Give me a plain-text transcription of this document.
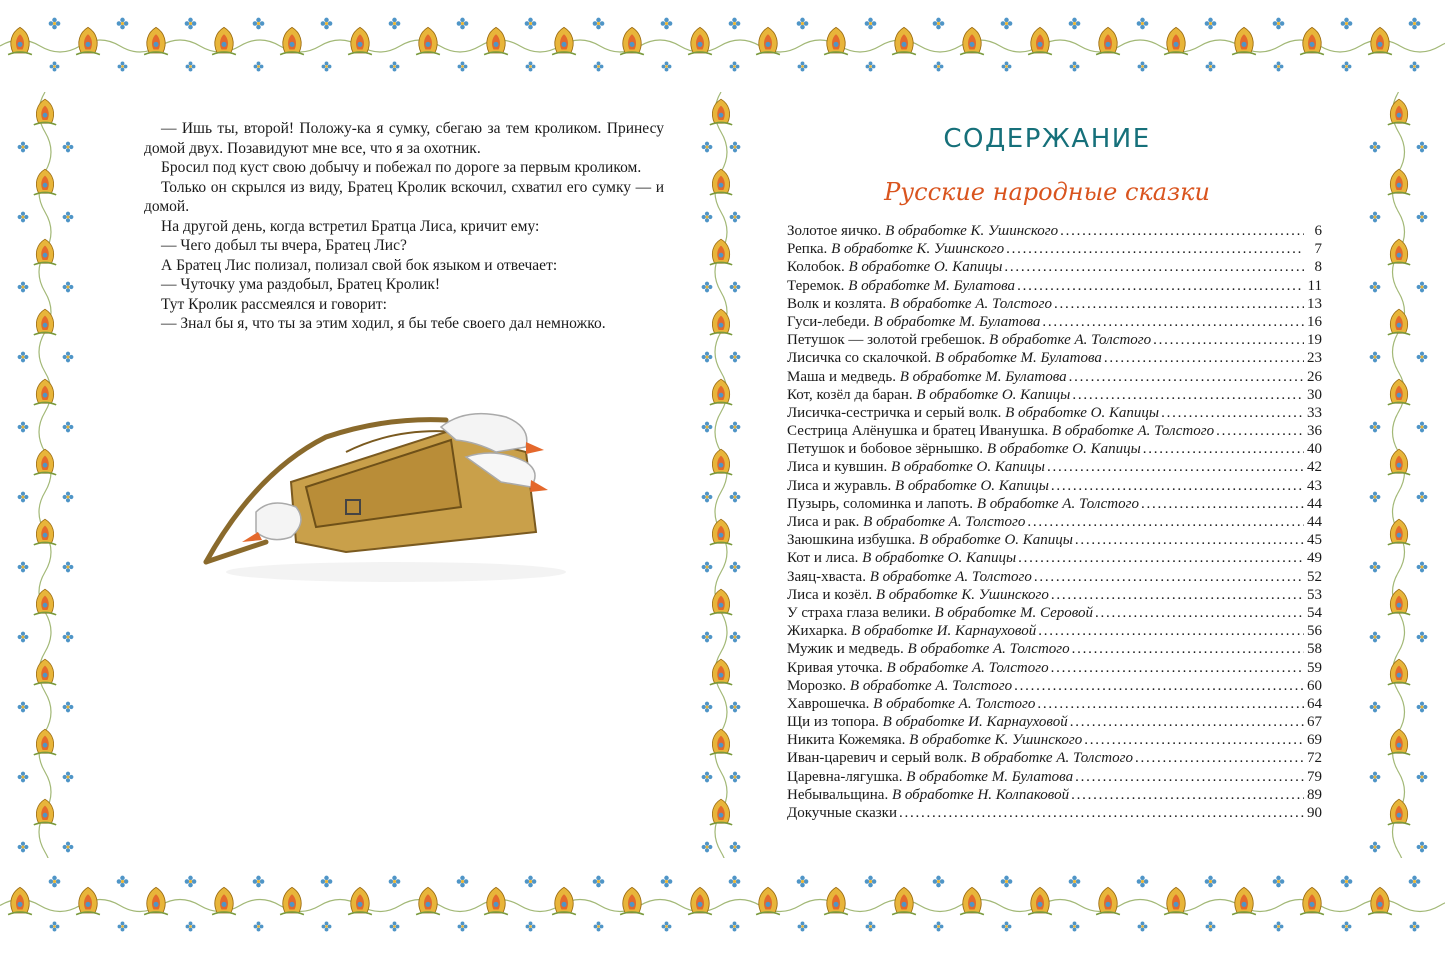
— Ишь ты, второй! Положу-ка я сумку, сбегаю за тем кроликом. Принесу домой двух. Позавидуют мне все, что я за охотник.

Бросил под куст свою добычу и побежал по дороге за первым кроликом.

Только он скрылся из виду, Братец Кролик вскочил, схватил его сумку — и домой.

На другой день, когда встретил Братца Лиса, кричит ему:

— Чего добыл ты вчера, Братец Лис?

А Братец Лис полизал, полизал свой бок языком и отвечает:

— Чуточку ума раздобыл, Братец Кролик!

Тут Кролик рассмеялся и говорит:

— Знал бы я, что ты за этим ходил, я бы тебе своего дал немножко.

СОДЕРЖАНИЕ
Русские народные сказки
Золотое яичко. В обработке К. Ушинского . . .	6
Репка. В обработке К. Ушинского . . .	7
Колобок. В обработке О. Капицы . . .	8
Теремок. В обработке М. Булатова . . .	11
Волк и козлята. В обработке А. Толстого . . .	13
Гуси-лебеди. В обработке М. Булатова . . .	16
Петушок — золотой гребешок. В обработке А. Толстого . . .	19
Лисичка со скалочкой. В обработке М. Булатова . . .	23
Маша и медведь. В обработке М. Булатова . . .	26
Кот, козёл да баран. В обработке О. Капицы . . .	30
Лисичка-сестричка и серый волк. В обработке О. Капицы . . .	33
Сестрица Алёнушка и братец Иванушка. В обработке А. Толстого . . .	36
Петушок и бобовое зёрнышко. В обработке О. Капицы . . .	40
Лиса и кувшин. В обработке О. Капицы . . .	42
Лиса и журавль. В обработке О. Капицы . . .	43
Пузырь, соломинка и лапоть. В обработке А. Толстого . . .	44
Лиса и рак. В обработке А. Толстого . . .	44
Заюшкина избушка. В обработке О. Капицы . . .	45
Кот и лиса. В обработке О. Капицы . . .	49
Заяц-хваста. В обработке А. Толстого . . .	52
Лиса и козёл. В обработке К. Ушинского . . .	53
У страха глаза велики. В обработке М. Серовой . . .	54
Жихарка. В обработке И. Карнауховой . . .	56
Мужик и медведь. В обработке А. Толстого . . .	58
Кривая уточка. В обработке А. Толстого . . .	59
Морозко. В обработке А. Толстого . . .	60
Хаврошечка. В обработке А. Толстого . . .	64
Щи из топора. В обработке И. Карнауховой . . .	67
Никита Кожемяка. В обработке К. Ушинского . . .	69
Иван-царевич и серый волк. В обработке А. Толстого . . .	72
Царевна-лягушка. В обработке М. Булатова . . .	79
Небывальщина. В обработке Н. Колпаковой . . .	89
Докучные сказки . . .	90
